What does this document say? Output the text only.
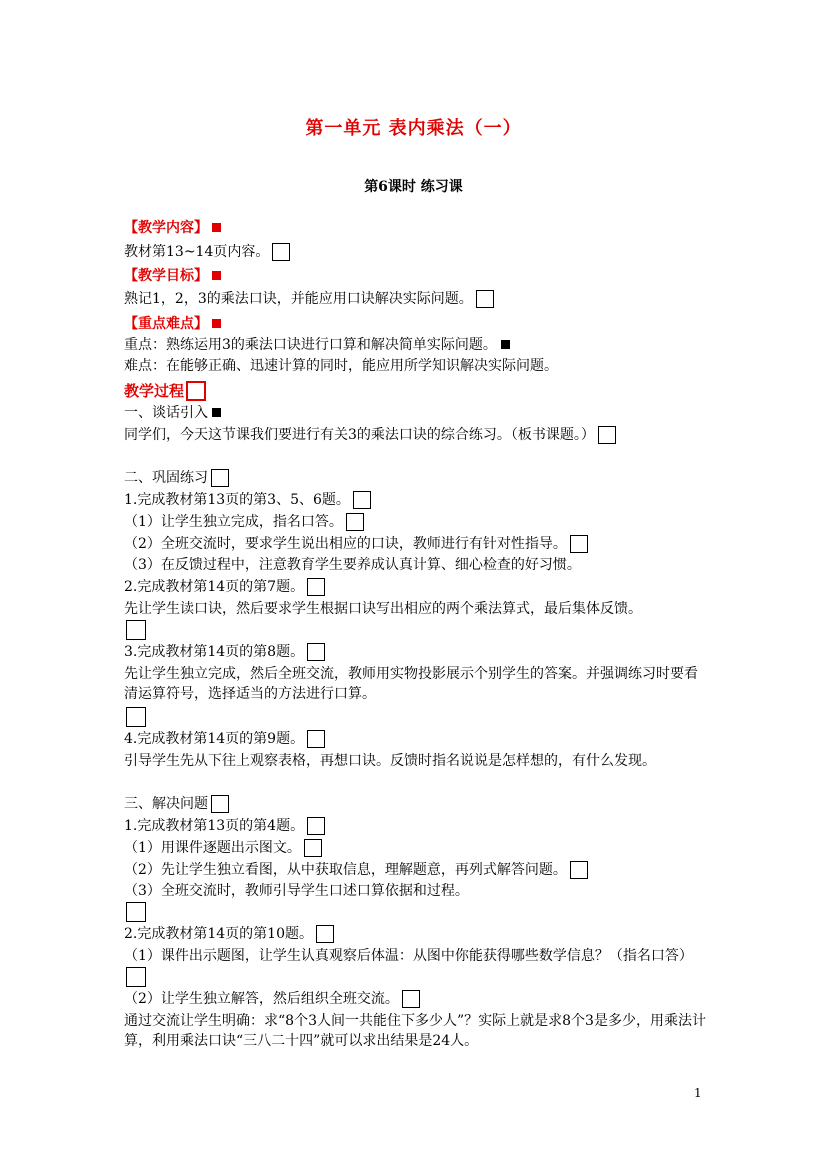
第一单元 表内乘法（一）
第6课时 练习课
【教学内容】
教材第13~14页内容。
【教学目标】
熟记1，2，3的乘法口诀，并能应用口诀解决实际问题。
【重点难点】
重点：熟练运用3的乘法口诀进行口算和解决简单实际问题。
难点：在能够正确、迅速计算的同时，能应用所学知识解决实际问题。
教学过程
一、谈话引入
同学们，今天这节课我们要进行有关3的乘法口诀的综合练习。（板书课题。）
二、巩固练习
1.完成教材第13页的第3、5、6题。
（1）让学生独立完成，指名口答。
（2）全班交流时，要求学生说出相应的口诀，教师进行有针对性指导。
（3）在反馈过程中，注意教育学生要养成认真计算、细心检查的好习惯。
2.完成教材第14页的第7题。
先让学生读口诀，然后要求学生根据口诀写出相应的两个乘法算式，最后集体反馈。
3.完成教材第14页的第8题。
先让学生独立完成，然后全班交流，教师用实物投影展示个别学生的答案。并强调练习时要看清运算符号，选择适当的方法进行口算。
4.完成教材第14页的第9题。
引导学生先从下往上观察表格，再想口诀。反馈时指名说说是怎样想的，有什么发现。
三、解决问题
1.完成教材第13页的第4题。
（1）用课件逐题出示图文。
（2）先让学生独立看图，从中获取信息，理解题意，再列式解答问题。
（3）全班交流时，教师引导学生口述口算依据和过程。
2.完成教材第14页的第10题。
（1）课件出示题图，让学生认真观察后体温：从图中你能获得哪些数学信息？（指名口答）
（2）让学生独立解答，然后组织全班交流。
通过交流让学生明确：求“8个3人间一共能住下多少人”？实际上就是求8个3是多少，用乘法计算，利用乘法口诀“三八二十四”就可以求出结果是24人。
1
